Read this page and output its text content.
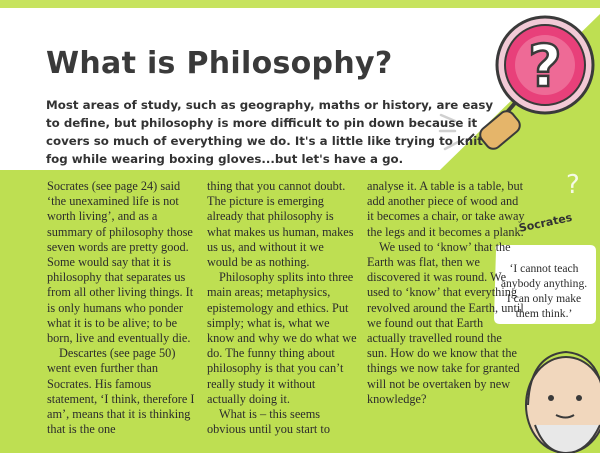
?
?
?
?
What is Philosophy?

Most areas of study, such as geography, maths or history, are easy to define, but philosophy is more difficult to pin down because it covers so much of everything we do. It's a little like trying to knit fog while wearing boxing gloves...but let's have a go.

Socrates (see page 24) said ‘the unexamined life is not worth living’, and as a summary of philosophy those seven words are pretty good. Some would say that it is philosophy that separates us from all other living things. It is only humans who ponder what it is to be alive; to be born, live and eventually die.

Descartes (see page 50) went even further than Socrates. His famous statement, ‘I think, therefore I am’, means that it is thinking that is the one

thing that you cannot doubt. The picture is emerging already that philosophy is what makes us human, makes us us, and without it we would be as nothing.

Philosophy splits into three main areas; metaphysics, epistemology and ethics. Put simply; what is, what we know and why we do what we do. The funny thing about philosophy is that you can’t really study it without actually doing it.

What is – this seems obvious until you start to

analyse it. A table is a table, but add another piece of wood and it becomes a chair, or take away the legs and it becomes a plank.

We used to ‘know’ that the Earth was flat, then we discovered it was round. We used to ‘know’ that everything revolved around the Earth, until we found out that Earth actually travelled round the sun. How do we know that the things we now take for granted will not be overtaken by new knowledge?

Socrates
‘I cannot teach anybody anything. I can only make them think.’
